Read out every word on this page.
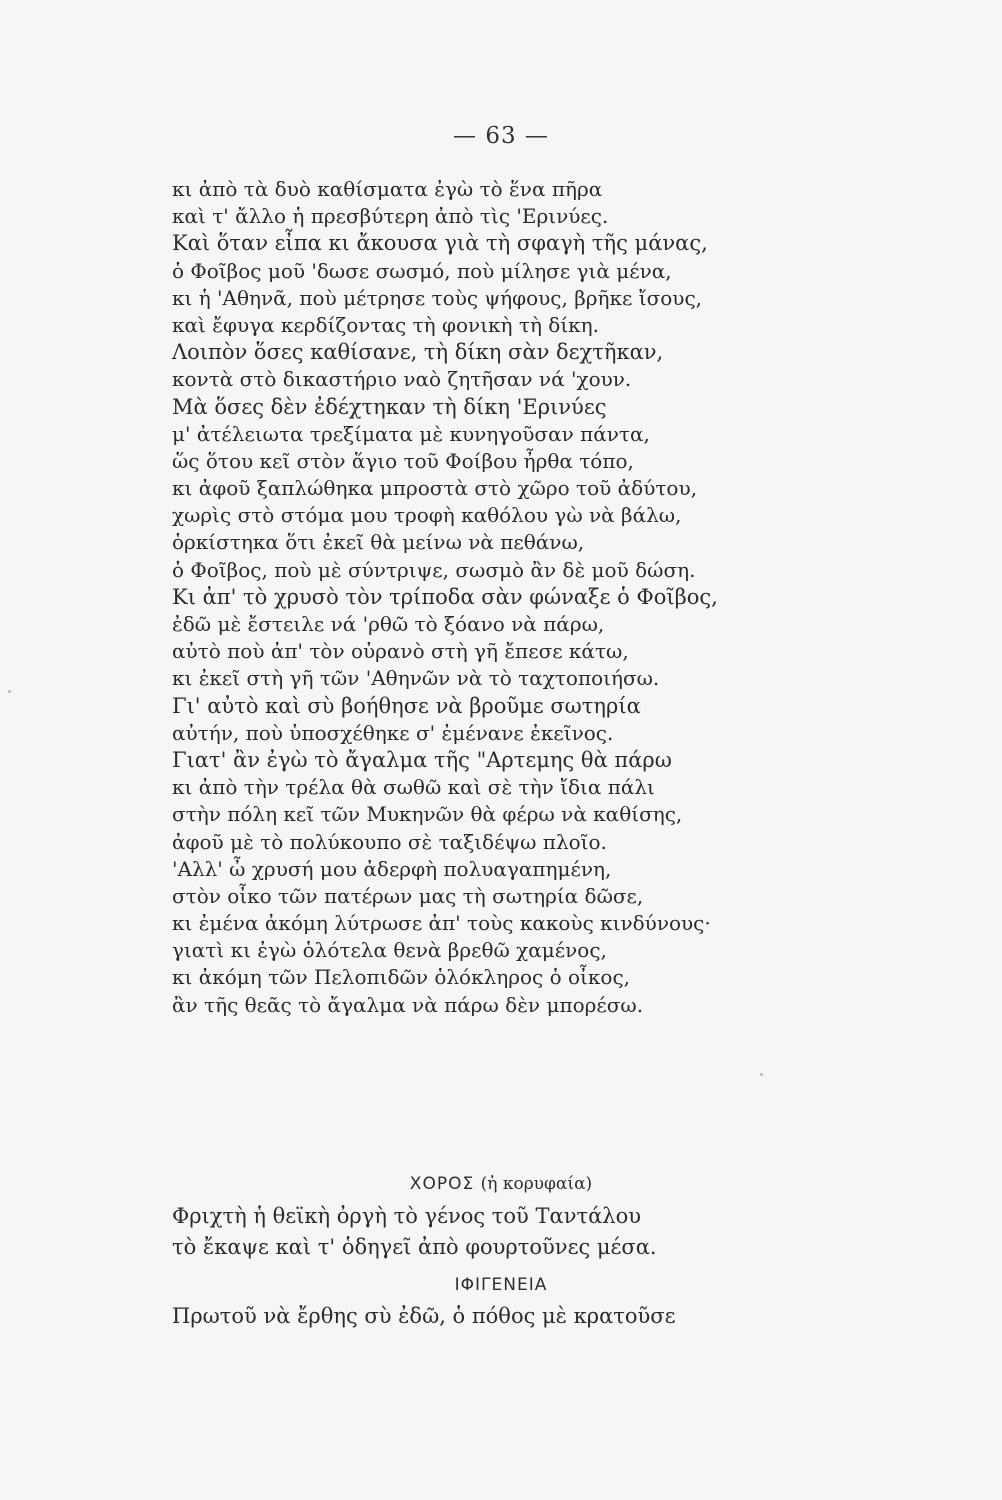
— 63 —
κι ἀπὸ τὰ δυὸ καθίσματα ἐγὼ τὸ ἕνα πῆρα
καὶ τ' ἄλλο ἡ πρεσβύτερη ἀπὸ τὶς 'Ερινύες.
Καὶ ὅταν εἶπα κι ἄκουσα γιὰ τὴ σφαγὴ τῆς μάνας,
ὁ Φοῖβος μοῦ 'δωσε σωσμό, ποὺ μίλησε γιὰ μένα,
κι ἡ 'Αθηνᾶ, ποὺ μέτρησε τοὺς ψήφους, βρῆκε ἴσους,
καὶ ἔφυγα κερδίζοντας τὴ φονικὴ τὴ δίκη.
Λοιπὸν ὅσες καθίσανε, τὴ δίκη σὰν δεχτῆκαν,
κοντὰ στὸ δικαστήριο ναὸ ζητῆσαν νά 'χουν.
Μὰ ὅσες δὲν ἐδέχτηκαν τὴ δίκη 'Ερινύες
μ' ἀτέλειωτα τρεξίματα μὲ κυνηγοῦσαν πάντα,
ὥς ὅτου κεῖ στὸν ἅγιο τοῦ Φοίβου ἦρθα τόπο,
κι ἀφοῦ ξαπλώθηκα μπροστὰ στὸ χῶρο τοῦ ἀδύτου,
χωρὶς στὸ στόμα μου τροφὴ καθόλου γὼ νὰ βάλω,
ὁρκίστηκα ὅτι ἐκεῖ θὰ μείνω νὰ πεθάνω,
ὁ Φοῖβος, ποὺ μὲ σύντριψε, σωσμὸ ἂν δὲ μοῦ δώση.
Κι ἀπ' τὸ χρυσὸ τὸν τρίποδα σὰν φώναξε ὁ Φοῖβος,
ἐδῶ μὲ ἔστειλε νά 'ρθῶ τὸ ξόανο νὰ πάρω,
αὐτὸ ποὺ ἀπ' τὸν οὐρανὸ στὴ γῆ ἔπεσε κάτω,
κι ἐκεῖ στὴ γῆ τῶν 'Αθηνῶν νὰ τὸ ταχτοποιήσω.
Γι' αὐτὸ καὶ σὺ βοήθησε νὰ βροῦμε σωτηρία
αὐτήν, ποὺ ὑποσχέθηκε σ' ἐμένανε ἐκεῖνος.
Γιατ' ἂν ἐγὼ τὸ ἄγαλμα τῆς "Αρτεμης θὰ πάρω
κι ἀπὸ τὴν τρέλα θὰ σωθῶ καὶ σὲ τὴν ἴδια πάλι
στὴν πόλη κεῖ τῶν Μυκηνῶν θὰ φέρω νὰ καθίσης,
ἀφοῦ μὲ τὸ πολύκουπο σὲ ταξιδέψω πλοῖο.
'Αλλ' ὦ χρυσή μου ἀδερφὴ πολυαγαπημένη,
στὸν οἶκο τῶν πατέρων μας τὴ σωτηρία δῶσε,
κι ἐμένα ἀκόμη λύτρωσε ἀπ' τοὺς κακοὺς κινδύνους·
γιατὶ κι ἐγὼ ὁλότελα θενὰ βρεθῶ χαμένος,
κι ἀκόμη τῶν Πελοπιδῶν ὁλόκληρος ὁ οἶκος,
ἂν τῆς θεᾶς τὸ ἄγαλμα νὰ πάρω δὲν μπορέσω.
ΧΟΡΟΣ (ἡ κορυφαία)
Φριχτὴ ἡ θεϊκὴ ὀργὴ τὸ γένος τοῦ Ταντάλου
τὸ ἔκαψε καὶ τ' ὁδηγεῖ ἀπὸ φουρτοῦνες μέσα.
ΙΦΙΓΕΝΕΙΑ
Πρωτοῦ νὰ ἔρθης σὺ ἐδῶ, ὁ πόθος μὲ κρατοῦσε
